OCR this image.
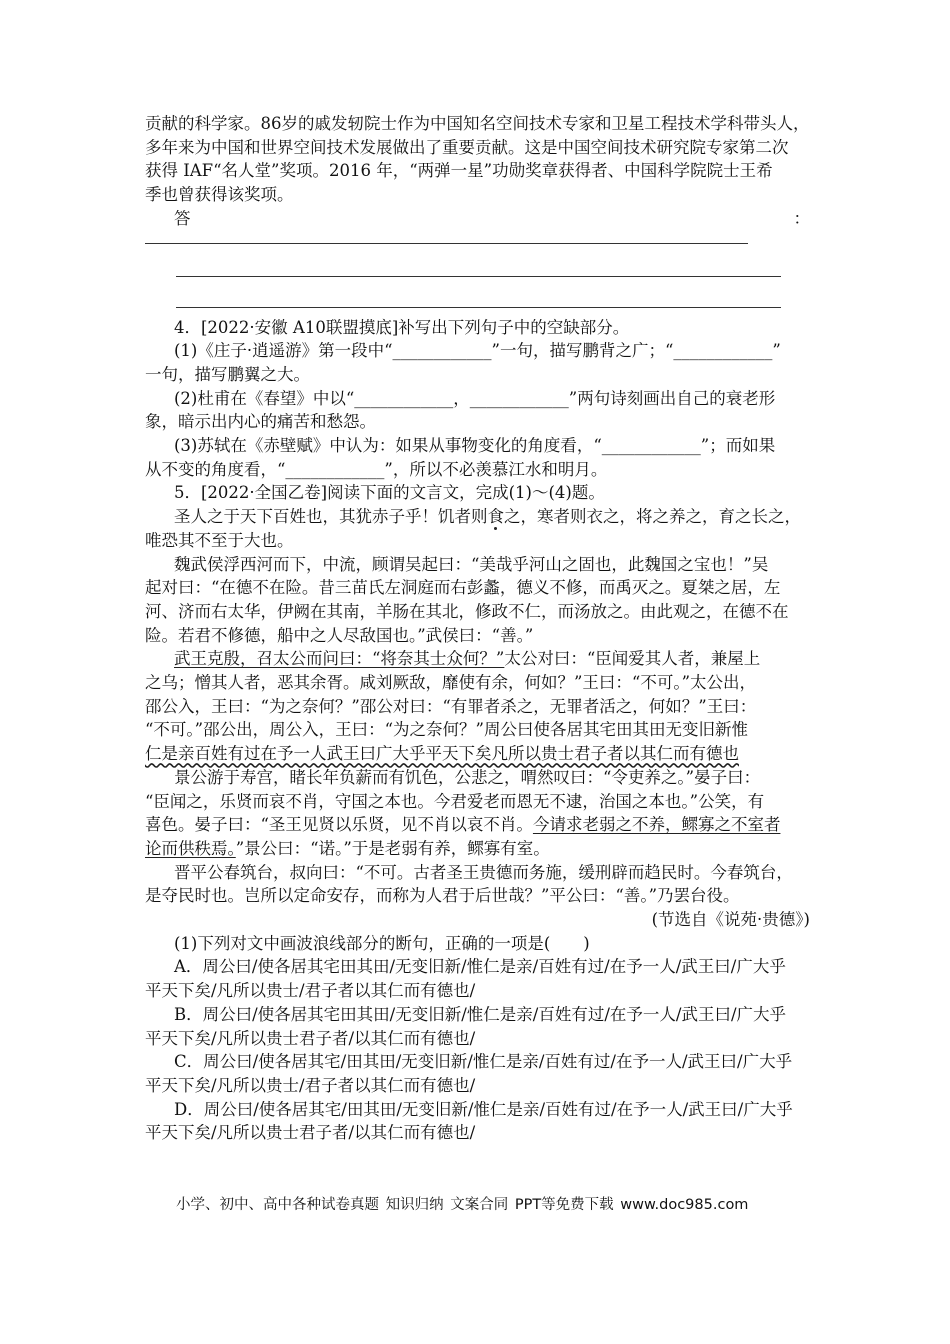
贡献的科学家。86岁的戚发轫院士作为中国知名空间技术专家和卫星工程技术学科带头人，

多年来为中国和世界空间技术发展做出了重要贡献。这是中国空间技术研究院专家第二次

获得 IAF“名人堂”奖项。2016 年，“两弹一星”功勋奖章获得者、中国科学院院士王希

季也曾获得该奖项。

答	：

4．[2022·安徽 A10联盟摸底]补写出下列句子中的空缺部分。

(1)《庄子·逍遥游》第一段中“____________”一句，描写鹏背之广；“____________”

一句，描写鹏翼之大。

(2)杜甫在《春望》中以“____________，____________”两句诗刻画出自己的衰老形

象，暗示出内心的痛苦和愁怨。

(3)苏轼在《赤壁赋》中认为：如果从事物变化的角度看，“____________”；而如果

从不变的角度看，“____________”，所以不必羡慕江水和明月。

5．[2022·全国乙卷]阅读下面的文言文，完成(1)～(4)题。

圣人之于天下百姓也，其犹赤子乎！饥者则食之，寒者则衣之，将之养之，育之长之，

唯恐其不至于大也。

魏武侯浮西河而下，中流，顾谓吴起曰：“美哉乎河山之固也，此魏国之宝也！”吴

起对曰：“在德不在险。昔三苗氏左洞庭而右彭蠡，德义不修，而禹灭之。夏桀之居，左

河、济而右太华，伊阙在其南，羊肠在其北，修政不仁，而汤放之。由此观之，在德不在

险。若君不修德，船中之人尽敌国也。”武侯曰：“善。”

武王克殷，召太公而问曰：“将奈其士众何？”太公对曰：“臣闻爱其人者，兼屋上

之乌；憎其人者，恶其余胥。咸刘厥敌，靡使有余，何如？”王曰：“不可。”太公出，

邵公入，王曰：“为之奈何？”邵公对曰：“有罪者杀之，无罪者活之，何如？”王曰：

“不可。”邵公出，周公入，王曰：“为之奈何？”周公曰使各居其宅田其田无变旧新惟

仁是亲百姓有过在予一人武王曰广大乎平天下矣凡所以贵士君子者以其仁而有德也

景公游于寿宫，睹长年负薪而有饥色，公悲之，喟然叹曰：“令吏养之。”晏子曰：

“臣闻之，乐贤而哀不肖，守国之本也。今君爱老而恩无不逮，治国之本也。”公笑，有

喜色。晏子曰：“圣王见贤以乐贤，见不肖以哀不肖。今请求老弱之不养，鳏寡之不室者

论而供秩焉。”景公曰：“诺。”于是老弱有养，鳏寡有室。

晋平公春筑台，叔向曰：“不可。古者圣王贵德而务施，缓刑辟而趋民时。今春筑台，

是夺民时也。岂所以定命安存，而称为人君于后世哉？”平公曰：“善。”乃罢台役。

(节选自《说苑·贵德》)

(1)下列对文中画波浪线部分的断句，正确的一项是(　　)

A．周公曰/使各居其宅田其田/无变旧新/惟仁是亲/百姓有过/在予一人/武王曰/广大乎

平天下矣/凡所以贵士/君子者以其仁而有德也/

B．周公曰/使各居其宅田其田/无变旧新/惟仁是亲/百姓有过/在予一人/武王曰/广大乎

平天下矣/凡所以贵士君子者/以其仁而有德也/

C．周公曰/使各居其宅/田其田/无变旧新/惟仁是亲/百姓有过/在予一人/武王曰/广大乎

平天下矣/凡所以贵士/君子者以其仁而有德也/

D．周公曰/使各居其宅/田其田/无变旧新/惟仁是亲/百姓有过/在予一人/武王曰/广大乎

平天下矣/凡所以贵士君子者/以其仁而有德也/

小学、初中、高中各种试卷真题 知识归纳 文案合同 PPT等免费下载 www.doc985.com
